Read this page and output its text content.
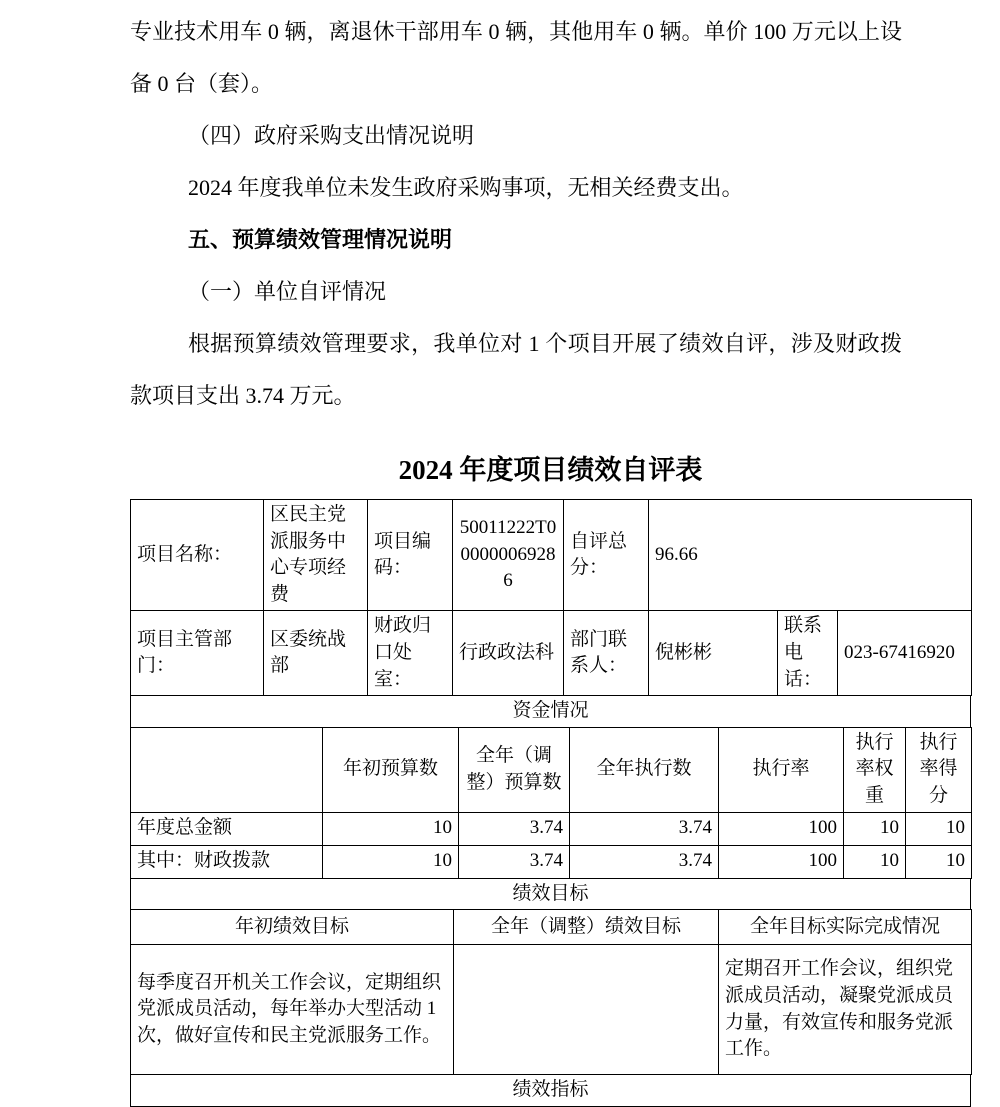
专业技术用车 0 辆，离退休干部用车 0 辆，其他用车 0 辆。单价 100 万元以上设备 0 台（套）。

（四）政府采购支出情况说明

2024 年度我单位未发生政府采购事项，无相关经费支出。

五、预算绩效管理情况说明

（一）单位自评情况

根据预算绩效管理要求，我单位对 1 个项目开展了绩效自评，涉及财政拨款项目支出 3.74 万元。

2024 年度项目绩效自评表
项目名称：	区民主党派服务中心专项经费	项目编码：	50011222T000000069286	自评总分：	96.66		
项目主管部门：	区委统战部	财政归口处室：	行政政法科	部门联系人：	倪彬彬	联系电话：	023-67416920
资金情况
	年初预算数	全年（调整）预算数	全年执行数	执行率	执行率权重	执行率得分
年度总金额	10	3.74	3.74	100	10	10
其中：财政拨款	10	3.74	3.74	100	10	10
绩效目标
年初绩效目标	全年（调整）绩效目标	全年目标实际完成情况
每季度召开机关工作会议，定期组织党派成员活动，每年举办大型活动 1 次，做好宣传和民主党派服务工作。		定期召开工作会议，组织党派成员活动，凝聚党派成员力量，有效宣传和服务党派工作。
绩效指标
